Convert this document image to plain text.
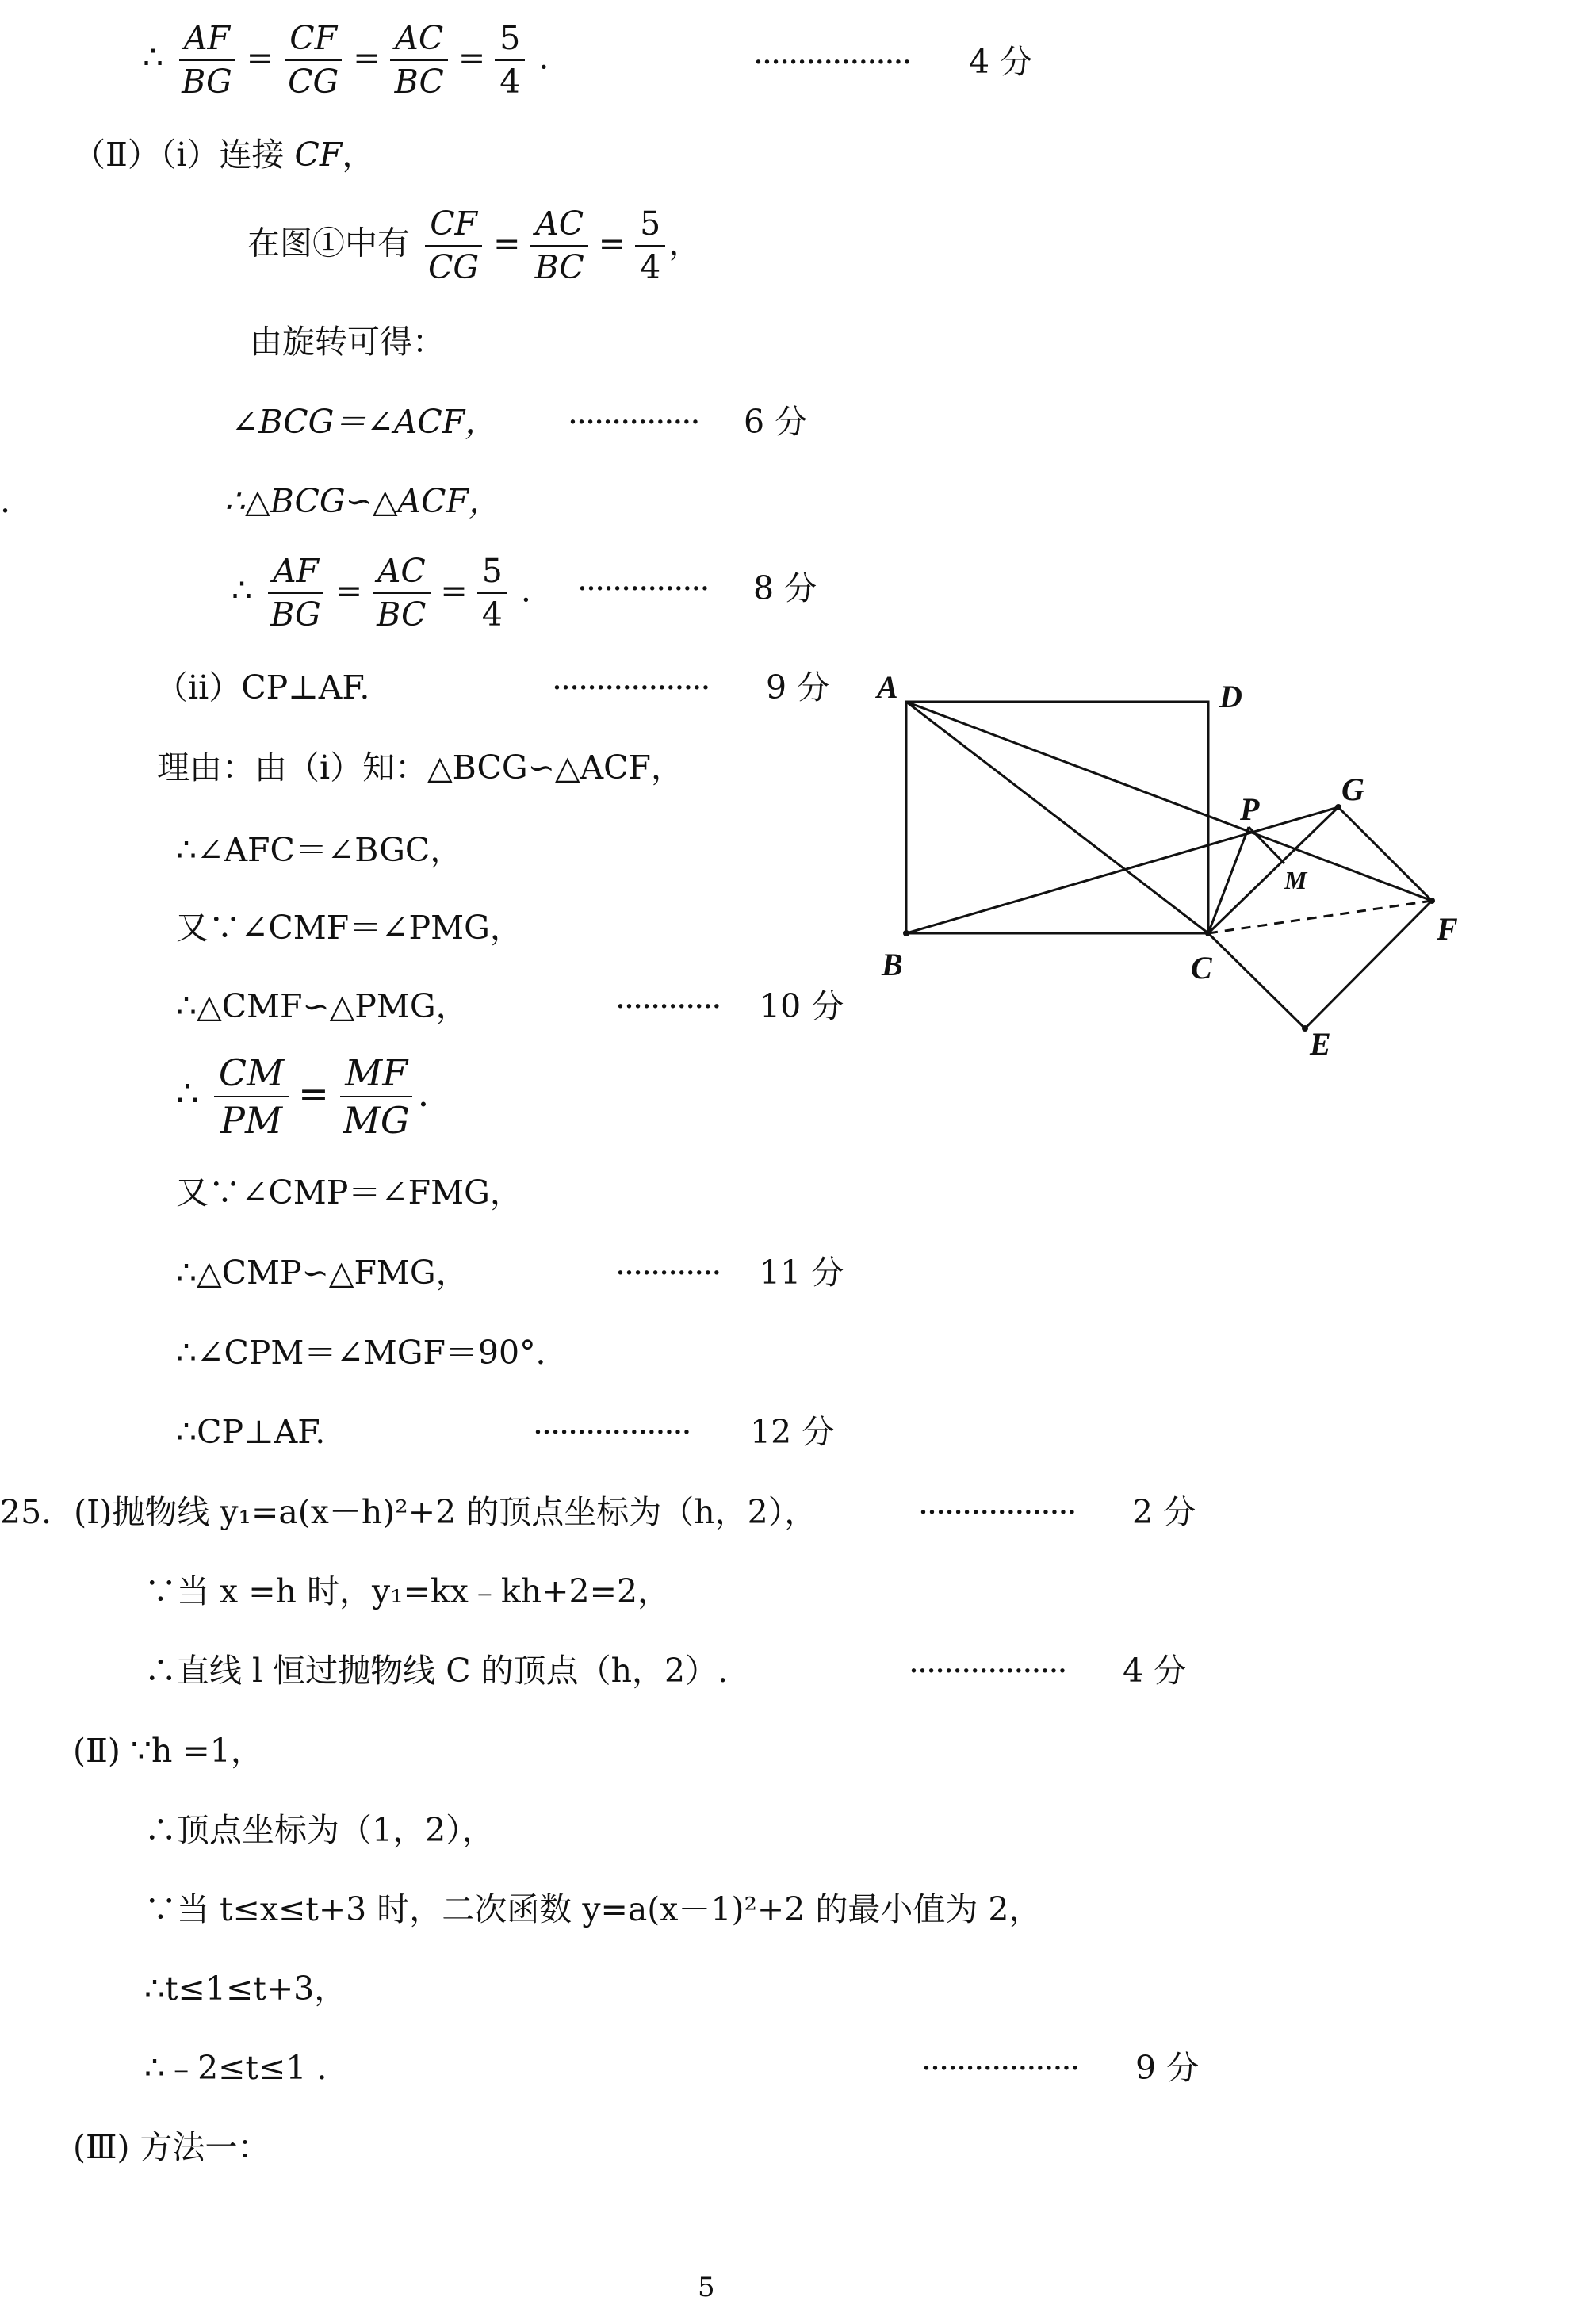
∴ $\frac{AF}{BG} = \frac{CF}{CG} = \frac{AC}{BC} = \frac{5}{4}$ .	·················· 4 分
（Ⅱ）（ⅰ）连接 CF，
在图①中有 $\frac{CF}{CG} = \frac{AC}{BC} = \frac{5}{4}$ ，
由旋转可得：
∠BCG＝∠ACF， ··············· 6 分
.	∴△BCG∽△ACF，
∴ $\frac{AF}{BG} = \frac{AC}{BC} = \frac{5}{4}$ . ··············· 8 分
（ⅱ）CP⊥AF.	·················· 9 分
理由：由（ⅰ）知：△BCG∽△ACF，
∴∠AFC＝∠BGC，
又∵∠CMF＝∠PMG，
∴△CMF∽△PMG，	············ 10 分
∴ $\frac{CM}{PM} = \frac{MF}{MG}$ .
又∵∠CMP＝∠FMG，
∴△CMP∽△FMG，	············ 11 分
∴∠CPM＝∠MGF＝90°．
∴CP⊥AF.	·················· 12 分
25．(Ⅰ)抛物线 y₁=a(x－h)²+2 的顶点坐标为（h，2），	·················· 2 分
∵当 x =h 时，y₁=kx﹣kh+2=2，
∴直线 l 恒过抛物线 C 的顶点（h，2）.	·················· 4 分
(Ⅱ) ∵h =1，
∴顶点坐标为（1，2），
∵当 t≤x≤t+3 时，二次函数 y=a(x－1)²+2 的最小值为 2，
∴t≤1≤t+3，
∴﹣2≤t≤1 .	·················· 9 分
(Ⅲ) 方法一：
A	D
B	C
G
P
F
E
M
5
